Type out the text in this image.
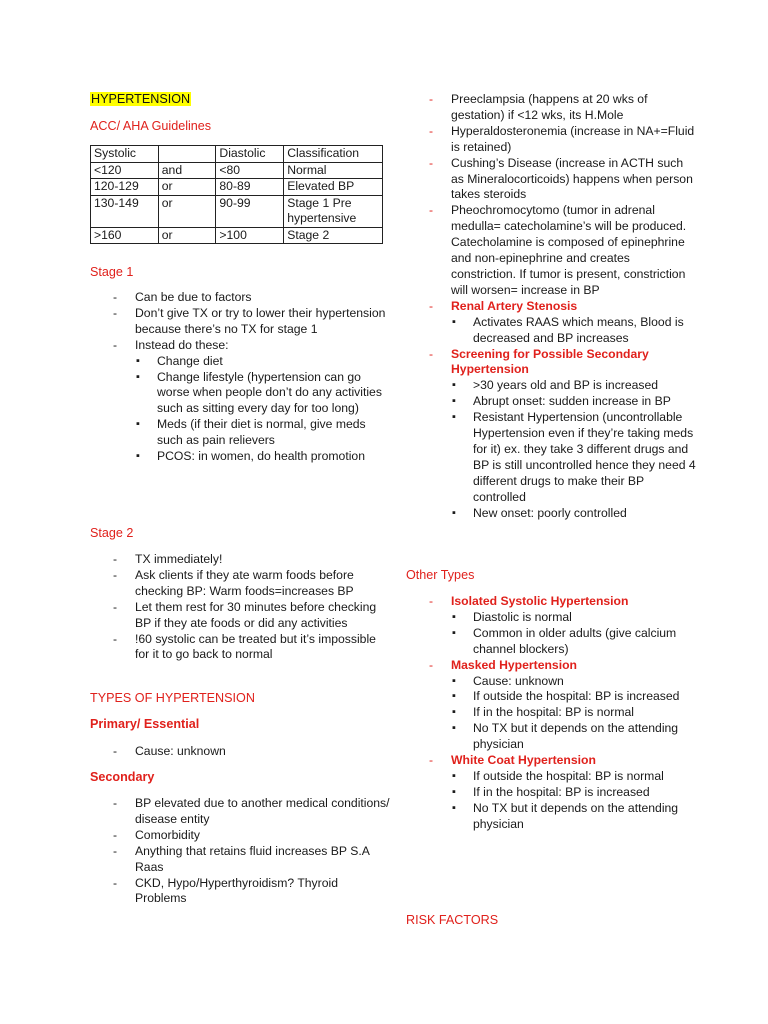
HYPERTENSION
ACC/ AHA Guidelines
Systolic		Diastolic	Classification
<120	and	<80	Normal
120-129	or	80-89	Elevated BP
130-149	or	90-99	Stage 1 Pre hypertensive
>160	or	>100	Stage 2
Stage 1
- Can be due to factors
- Don’t give TX or try to lower their hypertension because there’s no TX for stage 1
- Instead do these:
▪ Change diet
▪ Change lifestyle (hypertension can go worse when people don’t do any activities such as sitting every day for too long)
▪ Meds (if their diet is normal, give meds such as pain relievers
▪ PCOS: in women, do health promotion
Stage 2
- TX immediately!
- Ask clients if they ate warm foods before checking BP: Warm foods=increases BP
- Let them rest for 30 minutes before checking BP if they ate foods or did any activities
- !60 systolic can be treated but it’s impossible for it to go back to normal
TYPES OF HYPERTENSION
Primary/ Essential
- Cause: unknown
Secondary
- BP elevated due to another medical conditions/ disease entity
- Comorbidity
- Anything that retains fluid increases BP S.A Raas
- CKD, Hypo/Hyperthyroidism? Thyroid Problems
- Preeclampsia (happens at 20 wks of gestation) if <12 wks, its H.Mole
- Hyperaldosteronemia (increase in NA+=Fluid is retained)
- Cushing’s Disease (increase in ACTH such as Mineralocorticoids) happens when person takes steroids
- Pheochromocytomo (tumor in adrenal medulla= catecholamine’s will be produced. Catecholamine is composed of epinephrine and non-epinephrine and creates constriction. If tumor is present, constriction will worsen= increase in BP
- Renal Artery Stenosis
▪ Activates RAAS which means, Blood is decreased and BP increases
- Screening for Possible Secondary Hypertension
▪ >30 years old and BP is increased
▪ Abrupt onset: sudden increase in BP
▪ Resistant Hypertension (uncontrollable Hypertension even if they’re taking meds for it) ex. they take 3 different drugs and BP is still uncontrolled hence they need 4 different drugs to make their BP controlled
▪ New onset: poorly controlled
Other Types
- Isolated Systolic Hypertension
▪ Diastolic is normal
▪ Common in older adults (give calcium channel blockers)
- Masked Hypertension
▪ Cause: unknown
▪ If outside the hospital: BP is increased
▪ If in the hospital: BP is normal
▪ No TX but it depends on the attending physician
- White Coat Hypertension
▪ If outside the hospital: BP is normal
▪ If in the hospital: BP is increased
▪ No TX but it depends on the attending physician
RISK FACTORS
